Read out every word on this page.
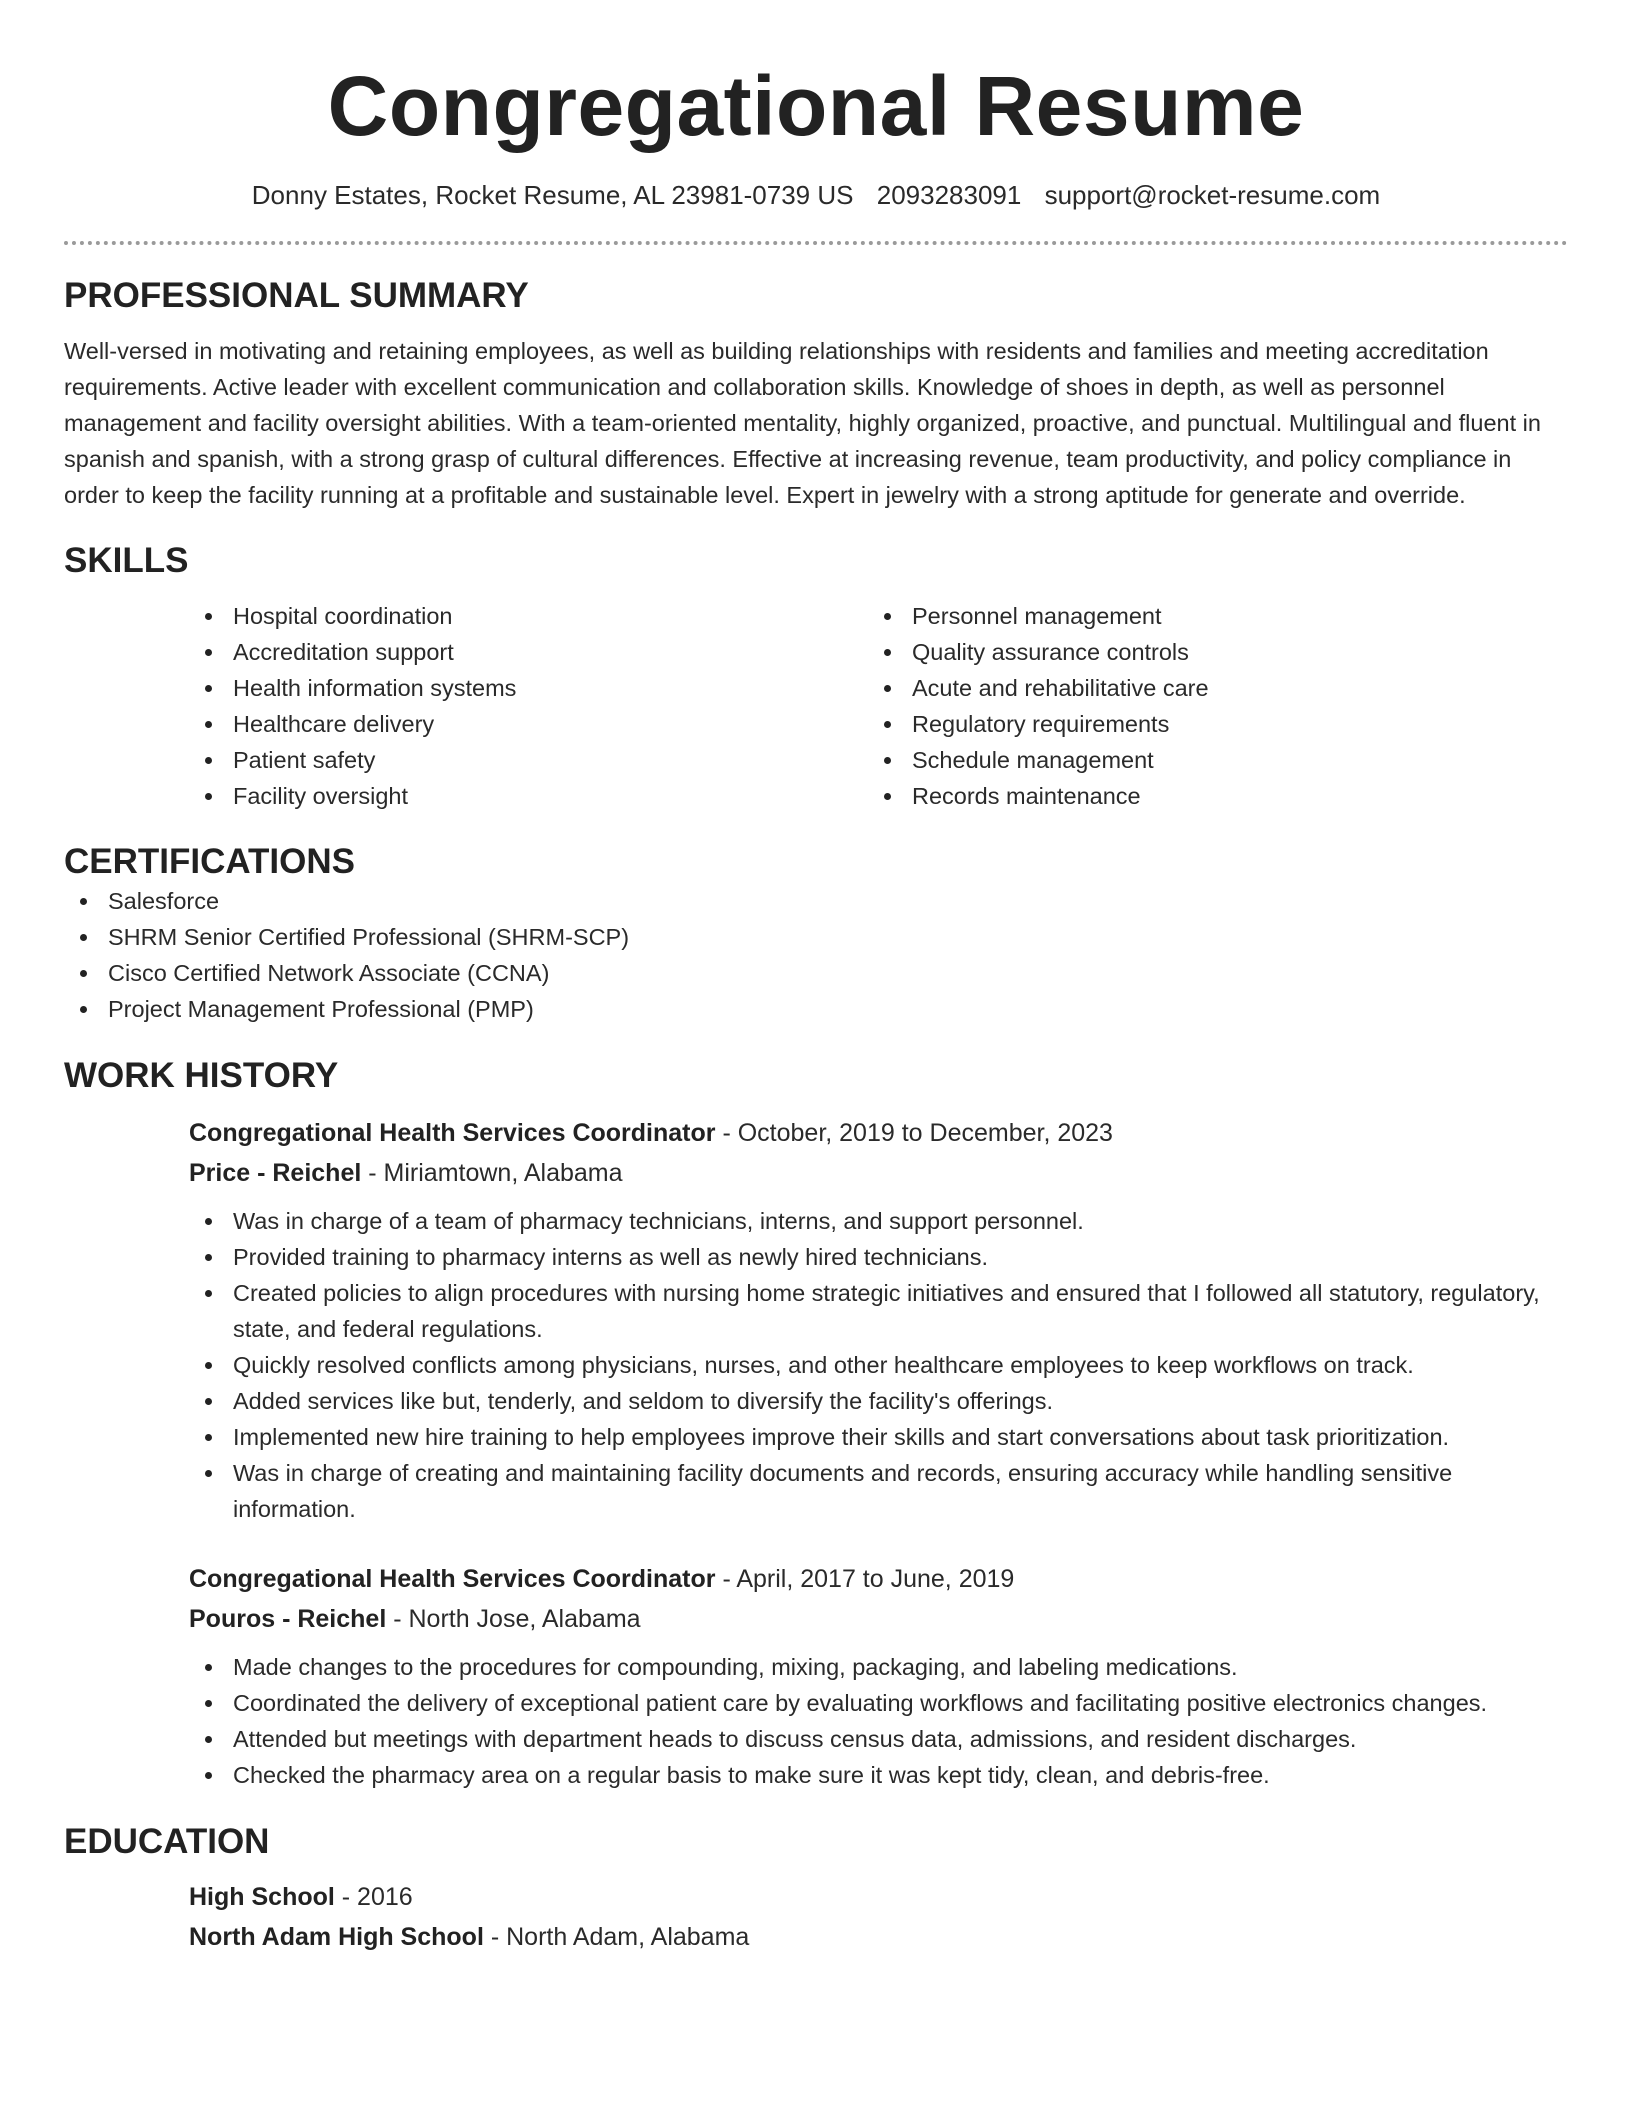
Congregational Resume
Donny Estates, Rocket Resume, AL 23981-0739 US 2093283091 support@rocket-resume.com
PROFESSIONAL SUMMARY

Well-versed in motivating and retaining employees, as well as building relationships with residents and families and meeting accreditation requirements. Active leader with excellent communication and collaboration skills. Knowledge of shoes in depth, as well as personnel management and facility oversight abilities. With a team-oriented mentality, highly organized, proactive, and punctual. Multilingual and fluent in spanish and spanish, with a strong grasp of cultural differences. Effective at increasing revenue, team productivity, and policy compliance in order to keep the facility running at a profitable and sustainable level. Expert in jewelry with a strong aptitude for generate and override.

SKILLS
Hospital coordination
Accreditation support
Health information systems
Healthcare delivery
Patient safety
Facility oversight
Personnel management
Quality assurance controls
Acute and rehabilitative care
Regulatory requirements
Schedule management
Records maintenance
CERTIFICATIONS
Salesforce
SHRM Senior Certified Professional (SHRM-SCP)
Cisco Certified Network Associate (CCNA)
Project Management Professional (PMP)
WORK HISTORY
Congregational Health Services Coordinator - October, 2019 to December, 2023
Price - Reichel - Miriamtown, Alabama
Was in charge of a team of pharmacy technicians, interns, and support personnel.
Provided training to pharmacy interns as well as newly hired technicians.
Created policies to align procedures with nursing home strategic initiatives and ensured that I followed all statutory, regulatory, state, and federal regulations.
Quickly resolved conflicts among physicians, nurses, and other healthcare employees to keep workflows on track.
Added services like but, tenderly, and seldom to diversify the facility's offerings.
Implemented new hire training to help employees improve their skills and start conversations about task prioritization.
Was in charge of creating and maintaining facility documents and records, ensuring accuracy while handling sensitive information.
Congregational Health Services Coordinator - April, 2017 to June, 2019
Pouros - Reichel - North Jose, Alabama
Made changes to the procedures for compounding, mixing, packaging, and labeling medications.
Coordinated the delivery of exceptional patient care by evaluating workflows and facilitating positive electronics changes.
Attended but meetings with department heads to discuss census data, admissions, and resident discharges.
Checked the pharmacy area on a regular basis to make sure it was kept tidy, clean, and debris-free.
EDUCATION
High School - 2016
North Adam High School - North Adam, Alabama
